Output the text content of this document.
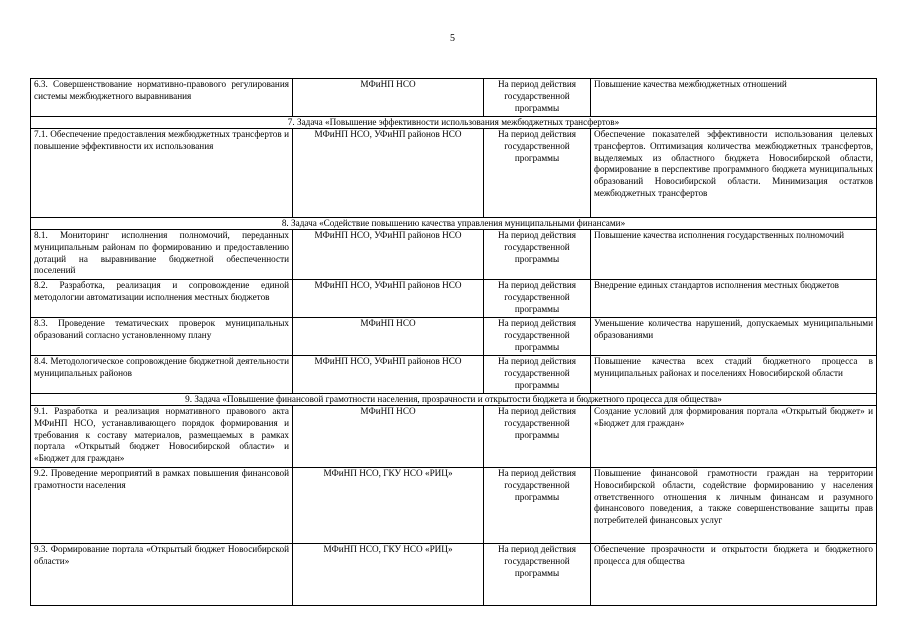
5
6.3. Совершенствование нормативно-правового регулирования системы межбюджетного выравнивания	МФиНП НСО	На период действия государственной программы	Повышение качества межбюджетных отношений
7. Задача «Повышение эффективности использования межбюджетных трансфертов»			
7.1. Обеспечение предоставления межбюджетных трансфертов и повышение эффективности их использования	МФиНП НСО, УФиНП районов НСО	На период действия государственной программы	Обеспечение показателей эффективности использования целевых трансфертов. Оптимизация количества межбюджетных трансфертов, выделяемых из областного бюджета Новосибирской области, формирование в перспективе программного бюджета муниципальных образований Новосибирской области. Минимизация остатков межбюджетных трансфертов
8. Задача «Содействие повышению качества управления муниципальными финансами»			
8.1. Мониторинг исполнения полномочий, переданных муниципальным районам по формированию и предоставлению дотаций на выравнивание бюджетной обеспеченности поселений	МФиНП НСО, УФиНП районов НСО	На период действия государственной программы	Повышение качества исполнения государственных полномочий
8.2. Разработка, реализация и сопровождение единой методологии автоматизации исполнения местных бюджетов	МФиНП НСО, УФиНП районов НСО	На период действия государственной программы	Внедрение единых стандартов исполнения местных бюджетов
8.3. Проведение тематических проверок муниципальных образований согласно установленному плану	МФиНП НСО	На период действия государственной программы	Уменьшение количества нарушений, допускаемых муниципальными образованиями
8.4. Методологическое сопровождение бюджетной деятельности муниципальных районов	МФиНП НСО, УФиНП районов НСО	На период действия государственной программы	Повышение качества всех стадий бюджетного процесса в муниципальных районах и поселениях Новосибирской области
9. Задача «Повышение финансовой грамотности населения, прозрачности и открытости бюджета и бюджетного процесса для общества»			
9.1. Разработка и реализация нормативного правового акта МФиНП НСО, устанавливающего порядок формирования и требования к составу материалов, размещаемых в рамках портала «Открытый бюджет Новосибирской области» и «Бюджет для граждан»	МФиНП НСО	На период действия государственной программы	Создание условий для формирования портала «Открытый бюджет» и «Бюджет для граждан»
9.2. Проведение мероприятий в рамках повышения финансовой грамотности населения	МФиНП НСО, ГКУ НСО «РИЦ»	На период действия государственной программы	Повышение финансовой грамотности граждан на территории Новосибирской области, содействие формированию у населения ответственного отношения к личным финансам и разумного финансового поведения, а также совершенствование защиты прав потребителей финансовых услуг
9.3. Формирование портала «Открытый бюджет Новосибирской области»	МФиНП НСО, ГКУ НСО «РИЦ»	На период действия государственной программы	Обеспечение прозрачности и открытости бюджета и бюджетного процесса для общества
